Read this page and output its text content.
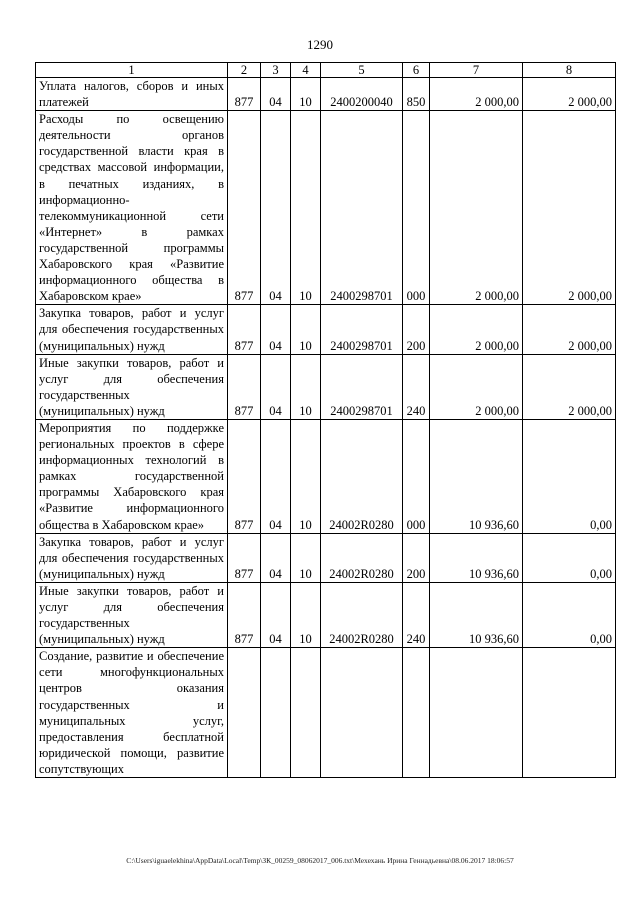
1290
1	2	3	4	5	6	7	8
Уплата налогов, сборов и иных платежей	877	04	10	2400200040	850	2 000,00	2 000,00
Расходы по освещению деятельности органов государственной власти края в средствах массовой информации, в печатных изданиях, в информационно-телекоммуникационной сети «Интернет» в рамках государственной программы Хабаровского края «Развитие информационного общества в Хабаровском крае»	877	04	10	2400298701	000	2 000,00	2 000,00
Закупка товаров, работ и услуг для обеспечения государственных (муниципальных) нужд	877	04	10	2400298701	200	2 000,00	2 000,00
Иные закупки товаров, работ и услуг для обеспечения государственных (муниципальных) нужд	877	04	10	2400298701	240	2 000,00	2 000,00
Мероприятия по поддержке региональных проектов в сфере информационных технологий в рамках государственной программы Хабаровского края «Развитие информационного общества в Хабаровском крае»	877	04	10	24002R0280	000	10 936,60	0,00
Закупка товаров, работ и услуг для обеспечения государственных (муниципальных) нужд	877	04	10	24002R0280	200	10 936,60	0,00
Иные закупки товаров, работ и услуг для обеспечения государственных (муниципальных) нужд	877	04	10	24002R0280	240	10 936,60	0,00
Создание, развитие и обеспечение сети многофункциональных центров оказания государственных и муниципальных услуг, предоставления бесплатной юридической помощи, развитие сопутствующих							
C:\Users\iguaelekhina\AppData\Local\Temp\ЗК_00259_08062017_006.txt\Мехехань Ирина Геннадьевна\08.06.2017 18:06:57
